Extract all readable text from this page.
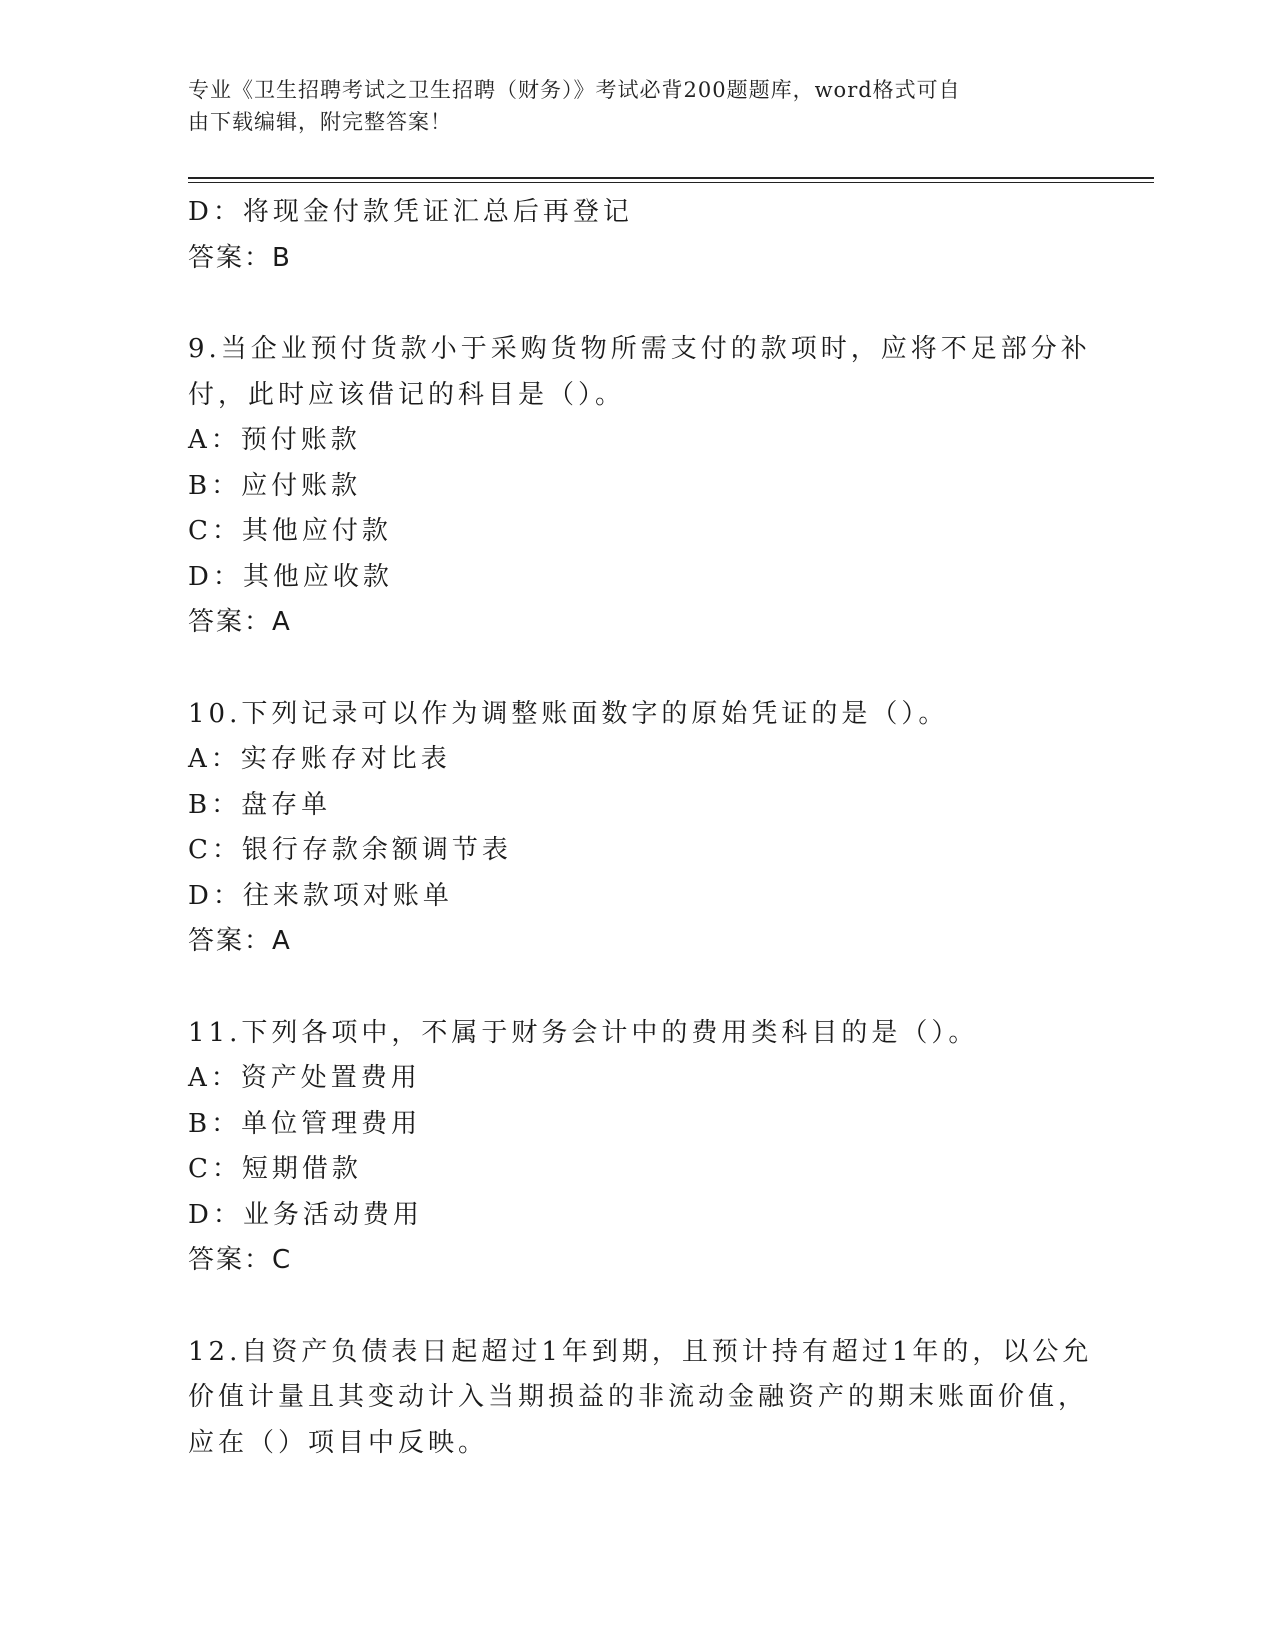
专业《卫生招聘考试之卫生招聘（财务）》考试必背200题题库，word格式可自
由下载编辑，附完整答案！
D：将现金付款凭证汇总后再登记
答案：B
9.当企业预付货款小于采购货物所需支付的款项时，应将不足部分补
付，此时应该借记的科目是（）。
A：预付账款
B：应付账款
C：其他应付款
D：其他应收款
答案：A
10.下列记录可以作为调整账面数字的原始凭证的是（）。
A：实存账存对比表
B：盘存单
C：银行存款余额调节表
D：往来款项对账单
答案：A
11.下列各项中，不属于财务会计中的费用类科目的是（）。
A：资产处置费用
B：单位管理费用
C：短期借款
D：业务活动费用
答案：C
12.自资产负债表日起超过1年到期，且预计持有超过1年的，以公允
价值计量且其变动计入当期损益的非流动金融资产的期末账面价值，
应在（）项目中反映。
